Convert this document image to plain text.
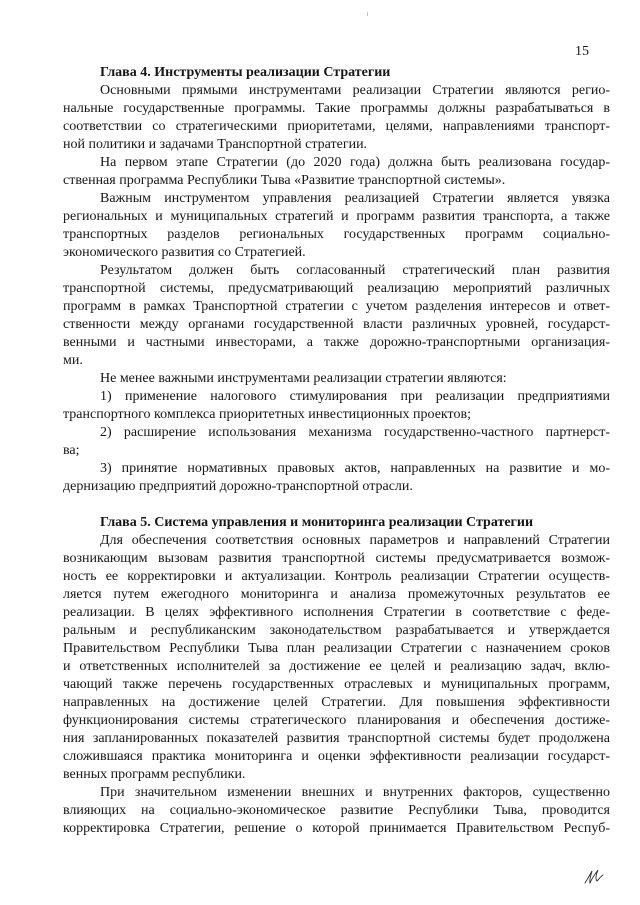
15
Глава 4. Инструменты реализации Стратегии
Основными прямыми инструментами реализации Стратегии являются регио-
нальные государственные программы. Такие программы должны разрабатываться в
соответствии со стратегическими приоритетами, целями, направлениями транспорт-
ной политики и задачами Транспортной стратегии.
На первом этапе Стратегии (до 2020 года) должна быть реализована государ-
ственная программа Республики Тыва «Развитие транспортной системы».
Важным инструментом управления реализацией Стратегии является увязка
региональных и муниципальных стратегий и программ развития транспорта, а также
транспортных разделов региональных государственных программ социально-
экономического развития со Стратегией.
Результатом должен быть согласованный стратегический план развития
транспортной системы, предусматривающий реализацию мероприятий различных
программ в рамках Транспортной стратегии с учетом разделения интересов и ответ-
ственности между органами государственной власти различных уровней, государст-
венными и частными инвесторами, а также дорожно-транспортными организация-
ми.
Не менее важными инструментами реализации стратегии являются:
1) применение налогового стимулирования при реализации предприятиями
транспортного комплекса приоритетных инвестиционных проектов;
2) расширение использования механизма государственно-частного партнерст-
ва;
3) принятие нормативных правовых актов, направленных на развитие и мо-
дернизацию предприятий дорожно-транспортной отрасли.
Глава 5. Система управления и мониторинга реализации Стратегии
Для обеспечения соответствия основных параметров и направлений Стратегии
возникающим вызовам развития транспортной системы предусматривается возмож-
ность ее корректировки и актуализации. Контроль реализации Стратегии осуществ-
ляется путем ежегодного мониторинга и анализа промежуточных результатов ее
реализации. В целях эффективного исполнения Стратегии в соответствие с феде-
ральным и республиканским законодательством разрабатывается и утверждается
Правительством Республики Тыва план реализации Стратегии с назначением сроков
и ответственных исполнителей за достижение ее целей и реализацию задач, вклю-
чающий также перечень государственных отраслевых и муниципальных программ,
направленных на достижение целей Стратегии. Для повышения эффективности
функционирования системы стратегического планирования и обеспечения достиже-
ния запланированных показателей развития транспортной системы будет продолжена
сложившаяся практика мониторинга и оценки эффективности реализации государст-
венных программ республики.
При значительном изменении внешних и внутренних факторов, существенно
влияющих на социально-экономическое развитие Республики Тыва, проводится
корректировка Стратегии, решение о которой принимается Правительством Респуб-
